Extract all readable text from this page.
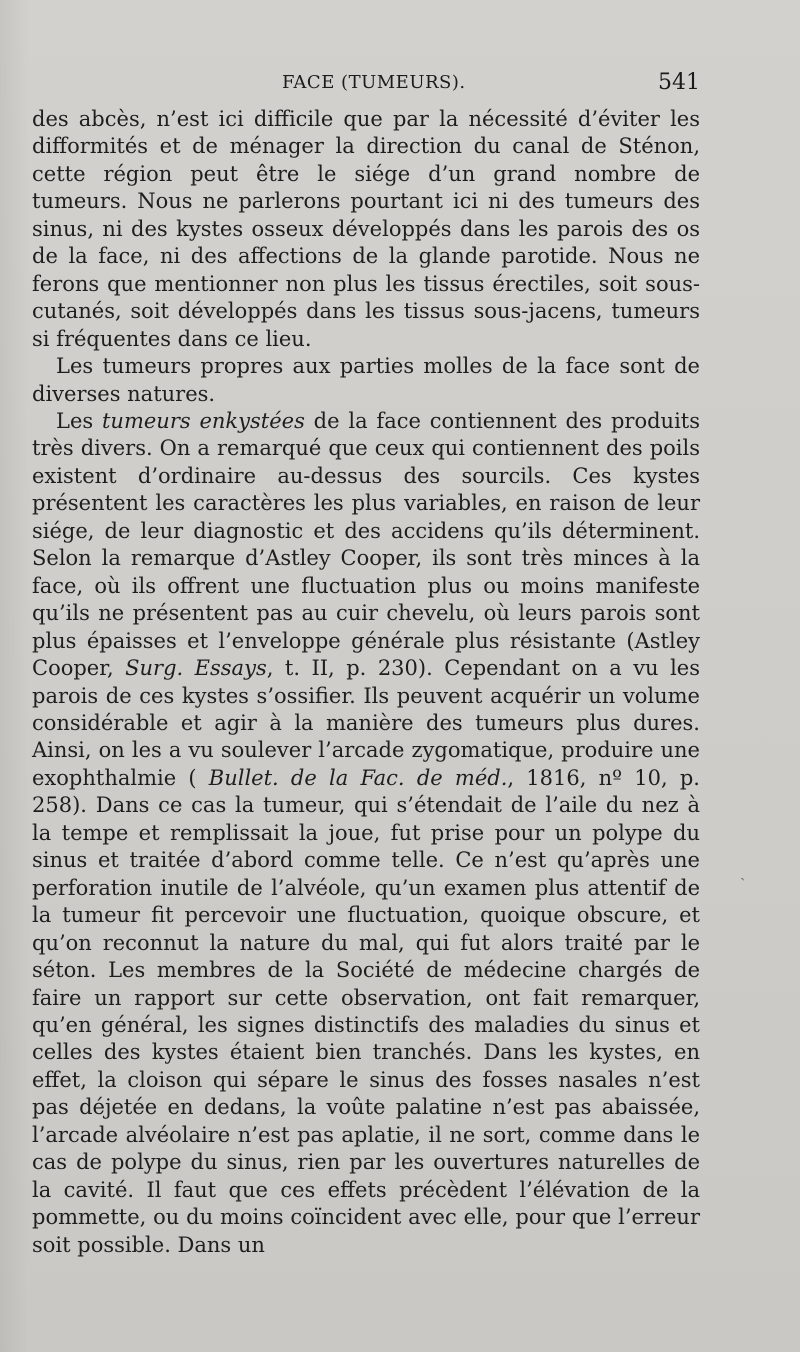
FACE (TUMEURS).	541

des abcès, n’est ici difficile que par la nécessité d’éviter les difformités et de ménager la direction du canal de Sténon, cette région peut être le siége d’un grand nombre de tumeurs. Nous ne parlerons pourtant ici ni des tumeurs des sinus, ni des kystes osseux développés dans les parois des os de la face, ni des affections de la glande parotide. Nous ne ferons que mentionner non plus les tissus érectiles, soit sous-cutanés, soit développés dans les tissus sous-jacens, tumeurs si fréquentes dans ce lieu.

Les tumeurs propres aux parties molles de la face sont de diverses natures.

Les tumeurs enkystées de la face contiennent des produits très divers. On a remarqué que ceux qui contiennent des poils existent d’ordinaire au-dessus des sourcils. Ces kystes présentent les caractères les plus variables, en raison de leur siége, de leur diagnostic et des accidens qu’ils déterminent. Selon la remarque d’Astley Cooper, ils sont très minces à la face, où ils offrent une fluctuation plus ou moins manifeste qu’ils ne présentent pas au cuir chevelu, où leurs parois sont plus épaisses et l’enveloppe générale plus résistante (Astley Cooper, Surg. Essays, t. II, p. 230). Cependant on a vu les parois de ces kystes s’ossifier. Ils peuvent acquérir un volume considérable et agir à la manière des tumeurs plus dures. Ainsi, on les a vu soulever l’arcade zygomatique, produire une exophthalmie ( Bullet. de la Fac. de méd., 1816, nº 10, p. 258). Dans ce cas la tumeur, qui s’étendait de l’aile du nez à la tempe et remplissait la joue, fut prise pour un polype du sinus et traitée d’abord comme telle. Ce n’est qu’après une perforation inutile de l’alvéole, qu’un examen plus attentif de la tumeur fit percevoir une fluctuation, quoique obscure, et qu’on reconnut la nature du mal, qui fut alors traité par le séton. Les membres de la Société de médecine chargés de faire un rapport sur cette observation, ont fait remarquer, qu’en général, les signes distinctifs des maladies du sinus et celles des kystes étaient bien tranchés. Dans les kystes, en effet, la cloison qui sépare le sinus des fosses nasales n’est pas déjetée en dedans, la voûte palatine n’est pas abaissée, l’arcade alvéolaire n’est pas aplatie, il ne sort, comme dans le cas de polype du sinus, rien par les ouvertures naturelles de la cavité. Il faut que ces effets précèdent l’élévation de la pommette, ou du moins coïncident avec elle, pour que l’erreur soit possible. Dans un

ˎ
